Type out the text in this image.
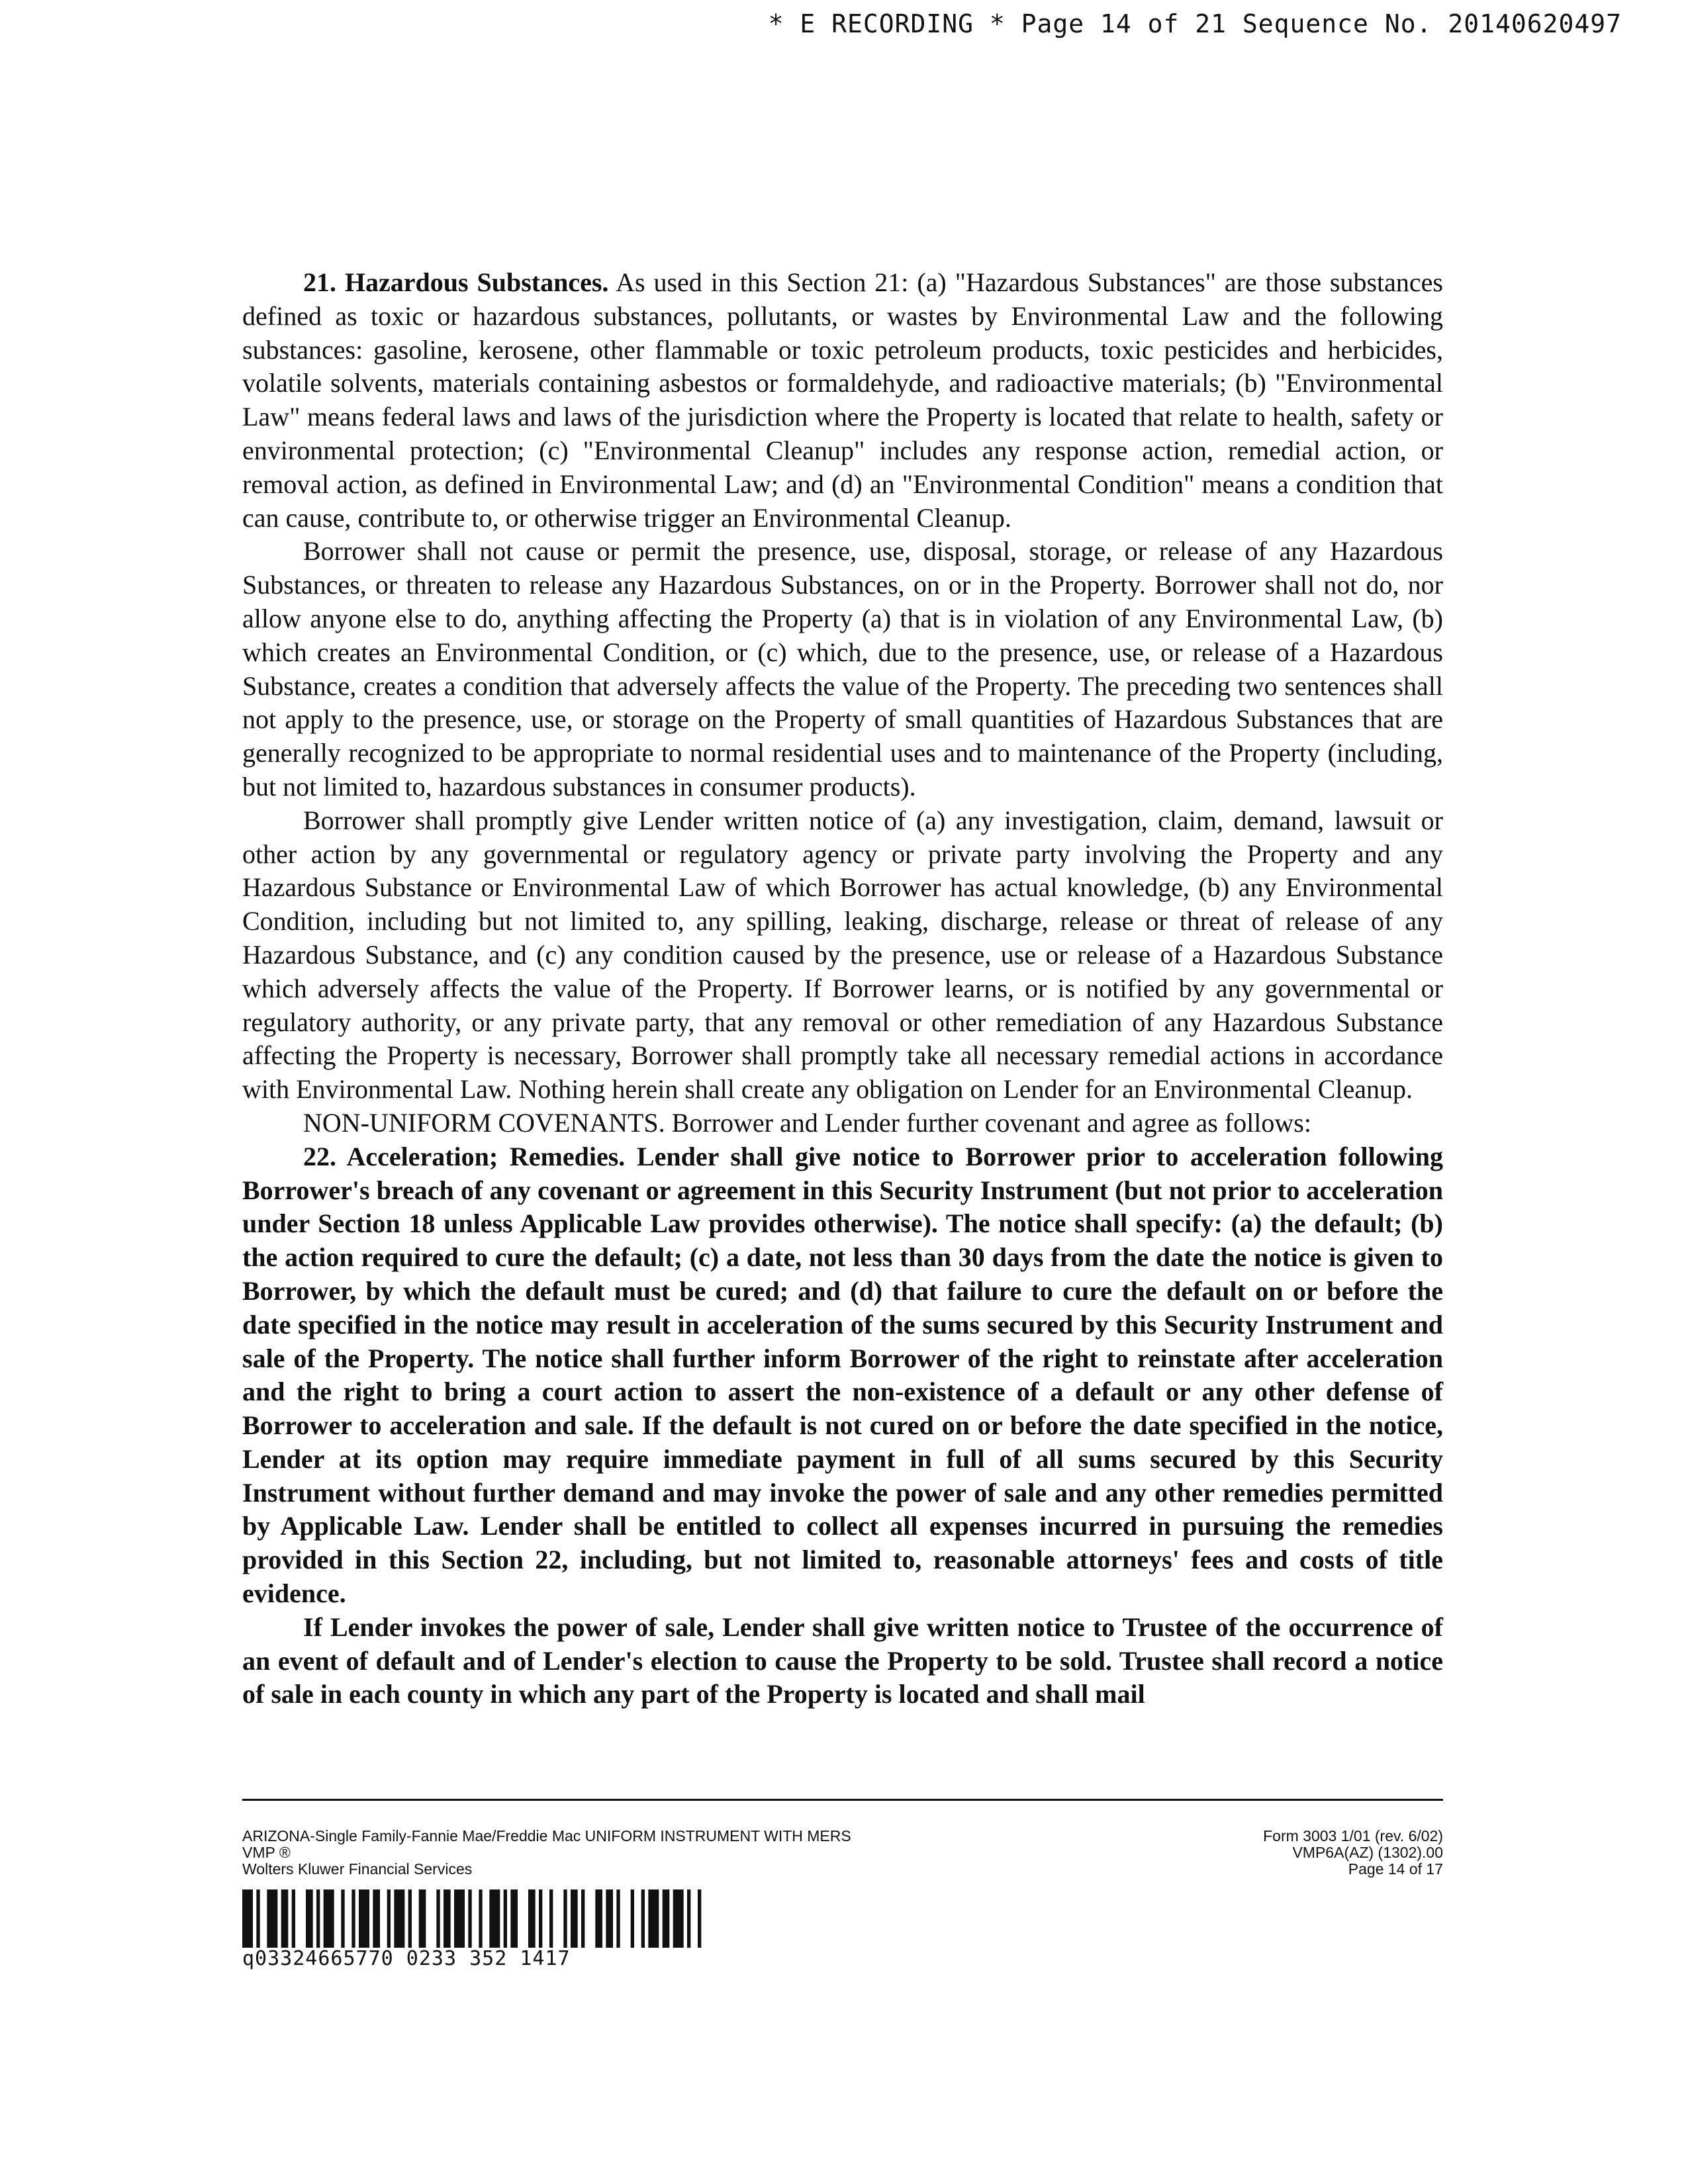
* E RECORDING * Page 14 of 21 Sequence No. 20140620497

21. Hazardous Substances. As used in this Section 21: (a) "Hazardous Substances" are those substances defined as toxic or hazardous substances, pollutants, or wastes by Environmental Law and the following substances: gasoline, kerosene, other flammable or toxic petroleum products, toxic pesticides and herbicides, volatile solvents, materials containing asbestos or formaldehyde, and radioactive materials; (b) "Environmental Law" means federal laws and laws of the jurisdiction where the Property is located that relate to health, safety or environmental protection; (c) "Environmental Cleanup" includes any response action, remedial action, or removal action, as defined in Environmental Law; and (d) an "Environmental Condition" means a condition that can cause, contribute to, or otherwise trigger an Environmental Cleanup.

Borrower shall not cause or permit the presence, use, disposal, storage, or release of any Hazardous Substances, or threaten to release any Hazardous Substances, on or in the Property. Borrower shall not do, nor allow anyone else to do, anything affecting the Property (a) that is in violation of any Environmental Law, (b) which creates an Environmental Condition, or (c) which, due to the presence, use, or release of a Hazardous Substance, creates a condition that adversely affects the value of the Property. The preceding two sentences shall not apply to the presence, use, or storage on the Property of small quantities of Hazardous Substances that are generally recognized to be appropriate to normal residential uses and to maintenance of the Property (including, but not limited to, hazardous substances in consumer products).

Borrower shall promptly give Lender written notice of (a) any investigation, claim, demand, lawsuit or other action by any governmental or regulatory agency or private party involving the Property and any Hazardous Substance or Environmental Law of which Borrower has actual knowledge, (b) any Environmental Condition, including but not limited to, any spilling, leaking, discharge, release or threat of release of any Hazardous Substance, and (c) any condition caused by the presence, use or release of a Hazardous Substance which adversely affects the value of the Property. If Borrower learns, or is notified by any governmental or regulatory authority, or any private party, that any removal or other remediation of any Hazardous Substance affecting the Property is necessary, Borrower shall promptly take all necessary remedial actions in accordance with Environmental Law. Nothing herein shall create any obligation on Lender for an Environmental Cleanup.

NON-UNIFORM COVENANTS. Borrower and Lender further covenant and agree as follows:

22. Acceleration; Remedies. Lender shall give notice to Borrower prior to acceleration following Borrower's breach of any covenant or agreement in this Security Instrument (but not prior to acceleration under Section 18 unless Applicable Law provides otherwise). The notice shall specify: (a) the default; (b) the action required to cure the default; (c) a date, not less than 30 days from the date the notice is given to Borrower, by which the default must be cured; and (d) that failure to cure the default on or before the date specified in the notice may result in acceleration of the sums secured by this Security Instrument and sale of the Property. The notice shall further inform Borrower of the right to reinstate after acceleration and the right to bring a court action to assert the non-existence of a default or any other defense of Borrower to acceleration and sale. If the default is not cured on or before the date specified in the notice, Lender at its option may require immediate payment in full of all sums secured by this Security Instrument without further demand and may invoke the power of sale and any other remedies permitted by Applicable Law. Lender shall be entitled to collect all expenses incurred in pursuing the remedies provided in this Section 22, including, but not limited to, reasonable attorneys' fees and costs of title evidence.

If Lender invokes the power of sale, Lender shall give written notice to Trustee of the occurrence of an event of default and of Lender's election to cause the Property to be sold. Trustee shall record a notice of sale in each county in which any part of the Property is located and shall mail

ARIZONA-Single Family-Fannie Mae/Freddie Mac UNIFORM INSTRUMENT WITH MERS
VMP ®
Wolters Kluwer Financial Services
Form 3003 1/01 (rev. 6/02)
VMP6A(AZ) (1302).00
Page 14 of 17
q03324665770 0233 352 1417
